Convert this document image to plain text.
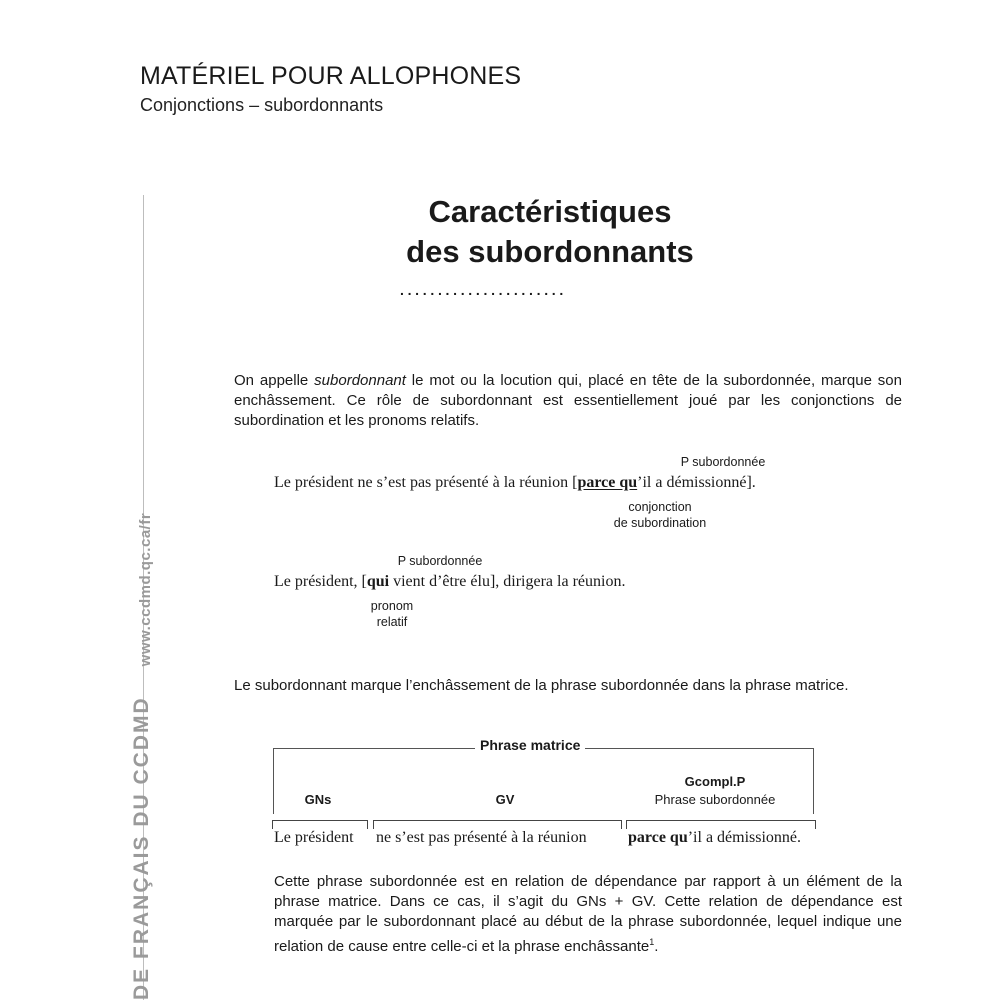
MATÉRIEL POUR ALLOPHONES
Conjonctions – subordonnants
DE FRANÇAIS DU CCDMDwww.ccdmd.qc.ca/fr
Caractéristiques
des subordonnants
......................
On appelle subordonnant le mot ou la locution qui, placé en tête de la subordonnée, marque son enchâssement. Ce rôle de subordonnant est essentiellement joué par les conjonctions de subordination et les pronoms relatifs.
P subordonnée
Le président ne s’est pas présenté à la réunion [parce qu’il a démissionné].
conjonction
de subordination
P subordonnée
Le président, [qui vient d’être élu], dirigera la réunion.
pronom
relatif
Le subordonnant marque l’enchâssement de la phrase subordonnée dans la phrase matrice.
Phrase matrice
GNs	GV
Gcompl.P
Phrase subordonnée
Le président ne s’est pas présenté à la réunion	parce qu’il a démissionné.
Cette phrase subordonnée est en relation de dépendance par rapport à un élément de la phrase matrice. Dans ce cas, il s’agit du GNs + GV. Cette relation de dépendance est marquée par le subordonnant placé au début de la phrase subordonnée, lequel indique une relation de cause entre celle-ci et la phrase enchâssante$^1$.
